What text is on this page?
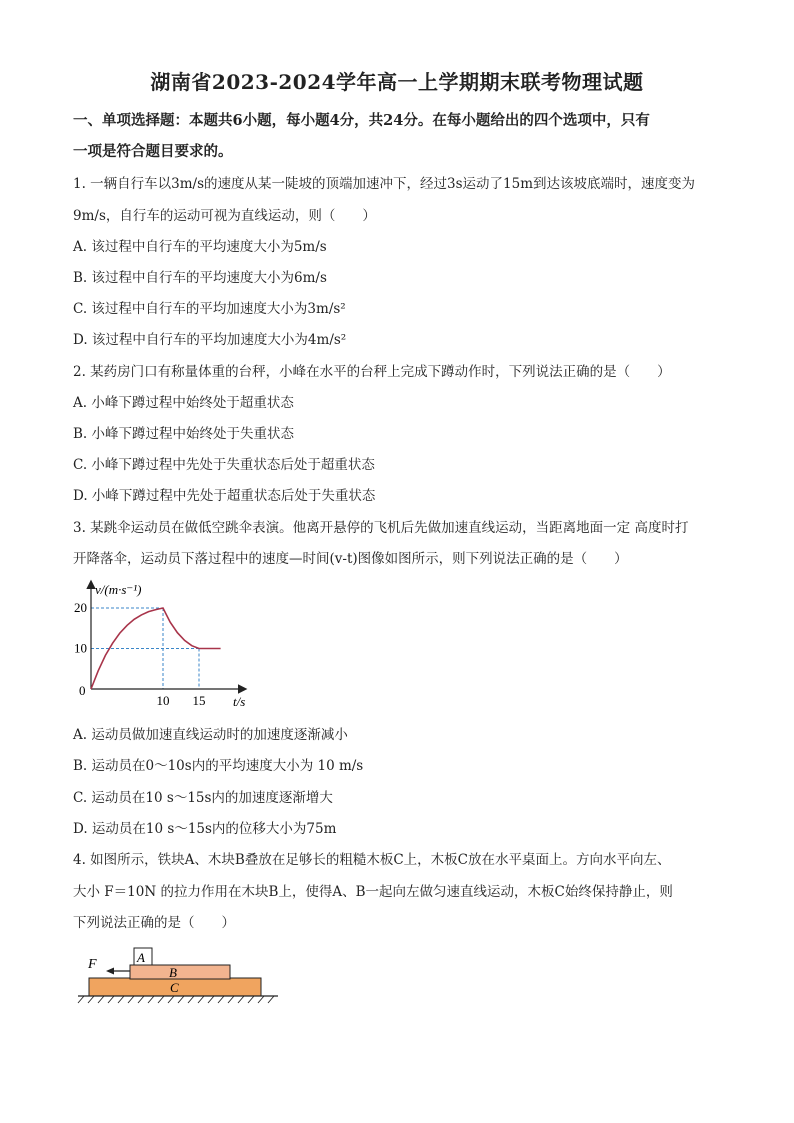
湖南省2023-2024学年高一上学期期末联考物理试题
一、单项选择题：本题共6小题，每小题4分，共24分。在每小题给出的四个选项中，只有
一项是符合题目要求的。
1. 一辆自行车以3m/s的速度从某一陡坡的顶端加速冲下，经过3s运动了15m到达该坡底端时，速度变为
9m/s，自行车的运动可视为直线运动，则（　　）
A. 该过程中自行车的平均速度大小为5m/s
B. 该过程中自行车的平均速度大小为6m/s
C. 该过程中自行车的平均加速度大小为3m/s²
D. 该过程中自行车的平均加速度大小为4m/s²
2. 某药房门口有称量体重的台秤，小峰在水平的台秤上完成下蹲动作时，下列说法正确的是（　　）
A. 小峰下蹲过程中始终处于超重状态
B. 小峰下蹲过程中始终处于失重状态
C. 小峰下蹲过程中先处于失重状态后处于超重状态
D. 小峰下蹲过程中先处于超重状态后处于失重状态
3. 某跳伞运动员在做低空跳伞表演。他离开悬停的飞机后先做加速直线运动，当距离地面一定 高度时打
开降落伞，运动员下落过程中的速度—时间(v-t)图像如图所示，则下列说法正确的是（　　）
v/(m·s⁻¹)
t/s
0
10
20
10 15
A. 运动员做加速直线运动时的加速度逐渐减小
B. 运动员在0～10s内的平均速度大小为 10 m/s
C. 运动员在10 s～15s内的加速度逐渐增大
D. 运动员在10 s～15s内的位移大小为75m
4. 如图所示，铁块A、木块B叠放在足够长的粗糙木板C上，木板C放在水平桌面上。方向水平向左、
大小 F＝10N 的拉力作用在木块B上，使得A、B一起向左做匀速直线运动，木板C始终保持静止，则
下列说法正确的是（　　）
F	A
B
C
